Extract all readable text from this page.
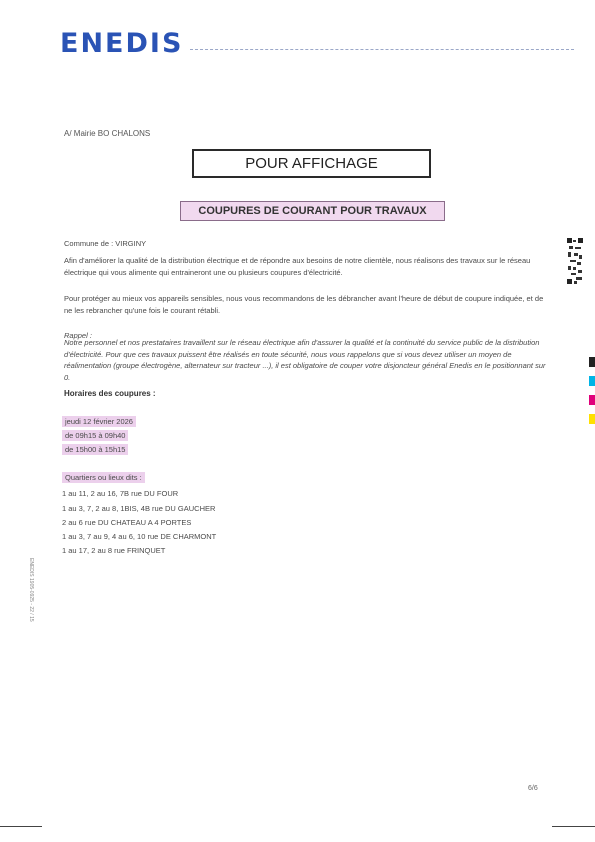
ENEDIS
A/ Mairie BO CHALONS
POUR AFFICHAGE
COUPURES DE COURANT POUR TRAVAUX
Commune de : VIRGINY
Afin d'améliorer la qualité de la distribution électrique et de répondre aux besoins de notre clientèle, nous réalisons des travaux sur le réseau électrique qui vous alimente qui entraineront une ou plusieurs coupures d'électricité.
Pour protéger au mieux vos appareils sensibles, nous vous recommandons de les débrancher avant l'heure de début de coupure indiquée, et de ne les rebrancher qu'une fois le courant rétabli.
Rappel :
Notre personnel et nos prestataires travaillent sur le réseau électrique afin d'assurer la qualité et la continuité du service public de la distribution d'électricité. Pour que ces travaux puissent être réalisés en toute sécurité, nous vous rappelons que si vous devez utiliser un moyen de réalimentation (groupe électrogène, alternateur sur tracteur ...), il est obligatoire de couper votre disjoncteur général Enedis en le positionnant sur 0.
Horaires des coupures :
jeudi 12 février 2026
de 09h15 à 09h40
de 15h00 à 15h15
Quartiers ou lieux dits :
1 au 11, 2 au 16, 7B rue DU FOUR
1 au 3, 7, 2 au 8, 1BIS, 4B rue DU GAUCHER
2 au 6 rue DU CHATEAU A 4 PORTES
1 au 3, 7 au 9, 4 au 6, 10 rue DE CHARMONT
1 au 17, 2 au 8 rue FRINQUET
6/6
ENEDIS 1905-0925 - 22 / 15
